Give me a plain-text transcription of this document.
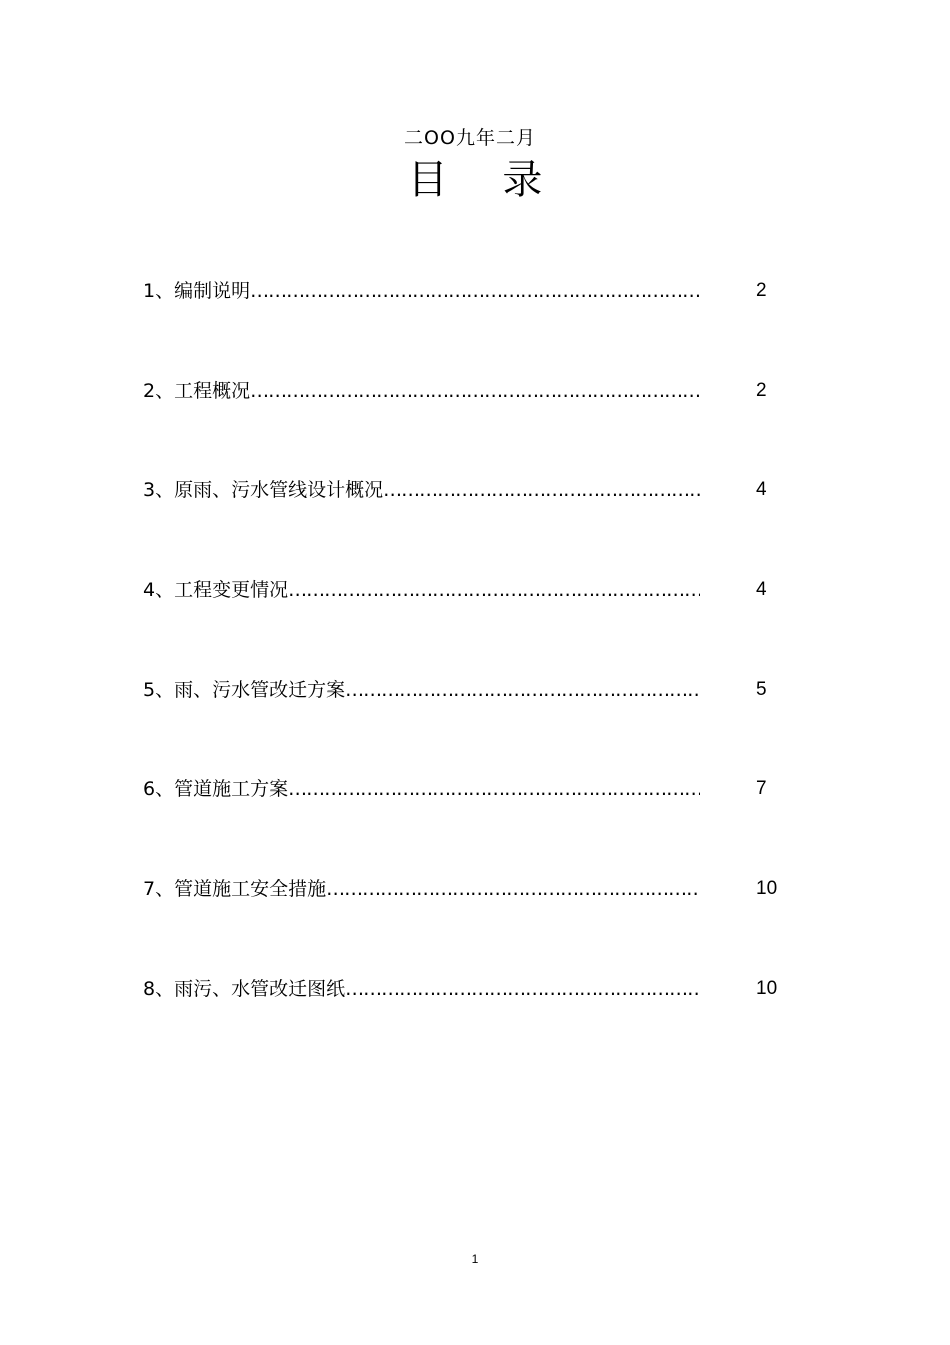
二OO九年二月
目 录
1、编制说明 …………………………………………………………………………………………………………………………………………	2
2、工程概况 …………………………………………………………………………………………………………………………………………	2
3、原雨、污水管线设计概况 …………………………………………………………………………………………………………………………………………	4
4、工程变更情况 …………………………………………………………………………………………………………………………………………	4
5、雨、污水管改迁方案 …………………………………………………………………………………………………………………………………………	5
6、管道施工方案 …………………………………………………………………………………………………………………………………………	7
7、管道施工安全措施 …………………………………………………………………………………………………………………………………………	10
8、雨污、水管改迁图纸 …………………………………………………………………………………………………………………………………………	10
1
